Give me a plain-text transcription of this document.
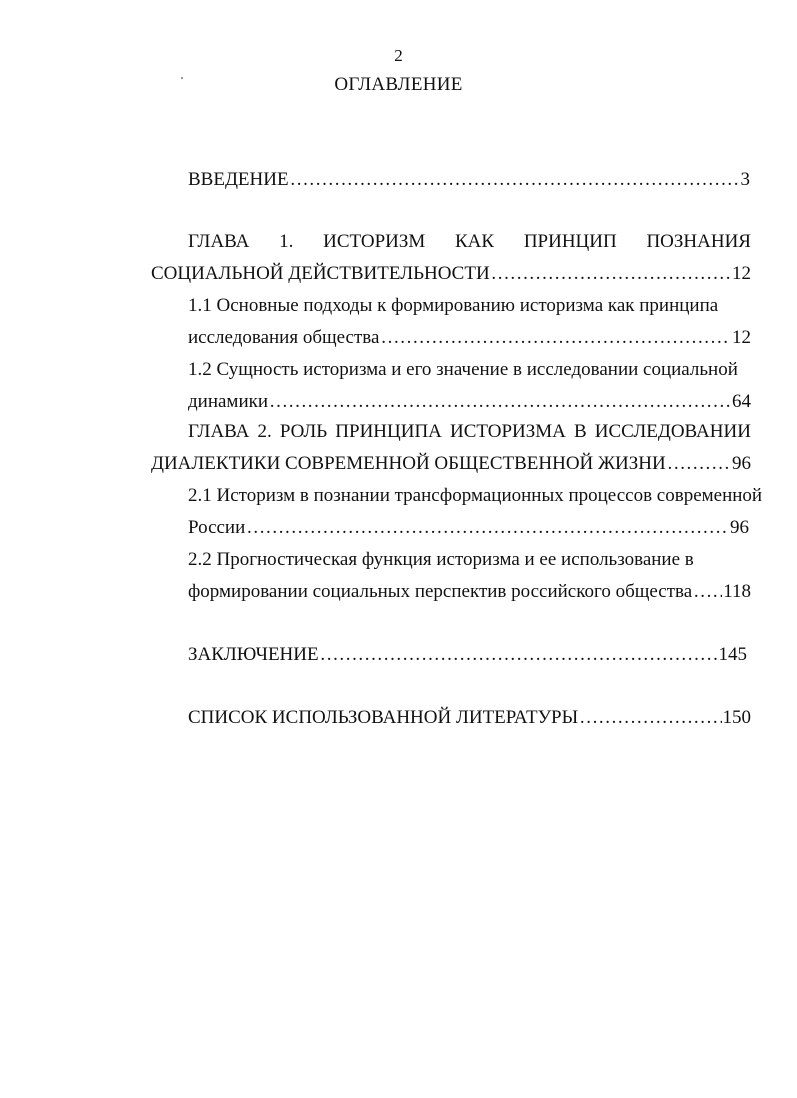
2
ОГЛАВЛЕНИЕ
ВВЕДЕНИЕ ……………………………………………………………………………………………………………………………………………………………	3
ГЛАВА 1. ИСТОРИЗМ КАК ПРИНЦИП ПОЗНАНИЯ
СОЦИАЛЬНОЙ ДЕЙСТВИТЕЛЬНОСТИ ……………………………………………………………………………………………………………………………………………………………	12
1.1 Основные подходы к формированию историзма как принципа
исследования общества ……………………………………………………………………………………………………………………………………………………………	12
1.2 Сущность историзма и его значение в исследовании социальной
динамики ……………………………………………………………………………………………………………………………………………………………	64
ГЛАВА 2. РОЛЬ ПРИНЦИПА ИСТОРИЗМА В ИССЛЕДОВАНИИ
ДИАЛЕКТИКИ СОВРЕМЕННОЙ ОБЩЕСТВЕННОЙ ЖИЗНИ ……………………………………………………………………………………………………………………………………………………………	96
2.1 Историзм в познании трансформационных процессов современной
России ……………………………………………………………………………………………………………………………………………………………	96
2.2 Прогностическая функция историзма и ее использование в
формировании социальных перспектив российского общества …………………………………………………………………………………………………………………………………………………………… 118
ЗАКЛЮЧЕНИЕ ……………………………………………………………………………………………………………………………………………………………	145
СПИСОК ИСПОЛЬЗОВАННОЙ ЛИТЕРАТУРЫ ……………………………………………………………………………………………………………………………………………………………	150
